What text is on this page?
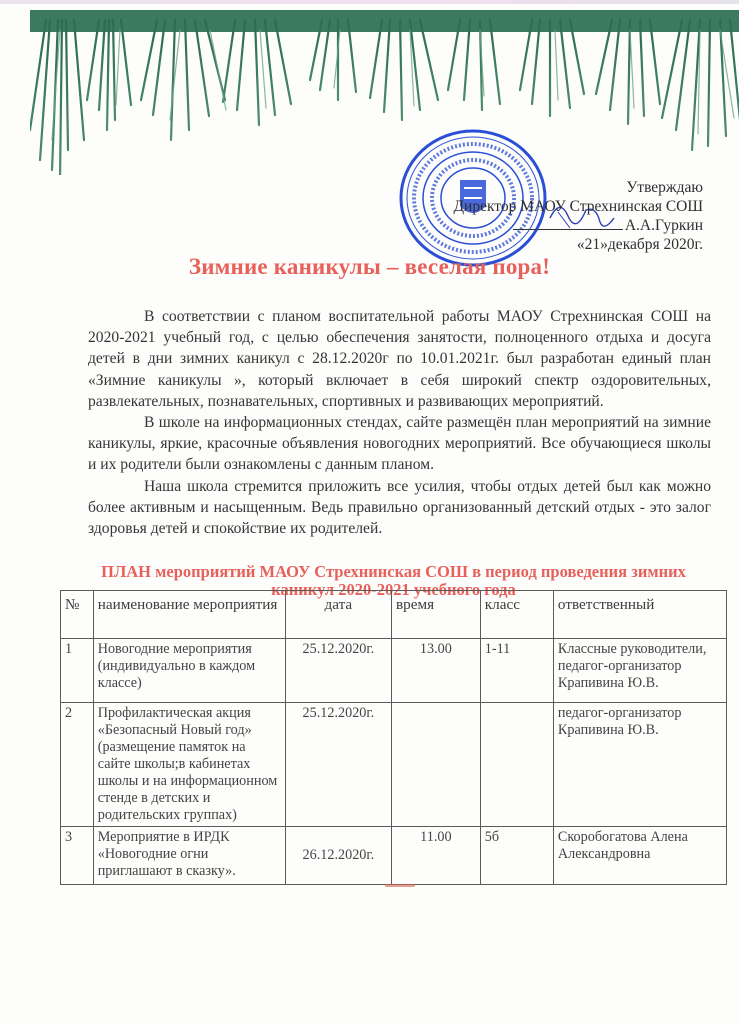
Утверждаю
Директор МАОУ Стрехнинская СОШ
А.А.Гуркин
«21»декабря 2020г.
Зимние каникулы – веселая пора!

В соответствии с планом воспитательной работы МАОУ Стрехнинская СОШ на 2020-2021 учебный год, с целью обеспечения занятости, полноценного отдыха и досуга детей в дни зимних каникул с 28.12.2020г по 10.01.2021г. был разработан единый план «Зимние каникулы », который включает в себя широкий спектр оздоровительных, развлекательных, познавательных, спортивных и развивающих мероприятий.

В школе на информационных стендах, сайте размещён план мероприятий на зимние каникулы, яркие, красочные объявления новогодних мероприятий. Все обучающиеся школы и их родители были ознакомлены с данным планом.

Наша школа стремится приложить все усилия, чтобы отдых детей был как можно более активным и насыщенным. Ведь правильно организованный детский отдых - это залог здоровья детей и спокойствие их родителей.

ПЛАН мероприятий МАОУ Стрехнинская СОШ в период проведения зимних
каникул 2020-2021 учебного года
№	наименование мероприятия	дата	время	класс	ответственный
1	Новогодние мероприятия (индивидуально в каждом классе)	25.12.2020г.	13.00	1-11	Классные руководители, педагог-организатор Крапивина Ю.В.
2	Профилактическая акция «Безопасный Новый год» (размещение памяток на сайте школы;в кабинетах школы и на информационном стенде в детских и родительских группах)	25.12.2020г.			педагог-организатор Крапивина Ю.В.
3	Мероприятие в ИРДК «Новогодние огни приглашают в сказку».	26.12.2020г.	11.00	5б	Скоробогатова Алена Александровна
